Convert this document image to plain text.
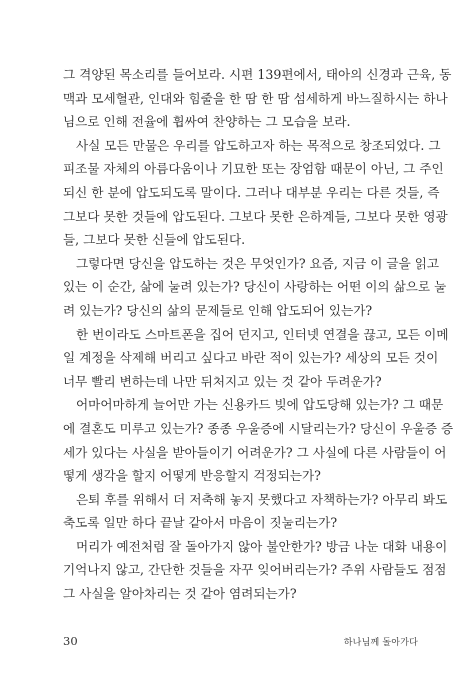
그 격양된 목소리를 들어보라. 시편 139편에서, 태아의 신경과 근육, 동
맥과 모세혈관, 인대와 힘줄을 한 땀 한 땀 섬세하게 바느질하시는 하나
님으로 인해 전율에 휩싸여 찬양하는 그 모습을 보라.
사실 모든 만물은 우리를 압도하고자 하는 목적으로 창조되었다. 그
피조물 자체의 아름다움이나 기묘한 또는 장엄함 때문이 아닌, 그 주인
되신 한 분에 압도되도록 말이다. 그러나 대부분 우리는 다른 것들, 즉
그보다 못한 것들에 압도된다. 그보다 못한 은하계들, 그보다 못한 영광
들, 그보다 못한 신들에 압도된다.
그렇다면 당신을 압도하는 것은 무엇인가? 요즘, 지금 이 글을 읽고
있는 이 순간, 삶에 눌려 있는가? 당신이 사랑하는 어떤 이의 삶으로 눌
려 있는가? 당신의 삶의 문제들로 인해 압도되어 있는가?
한 번이라도 스마트폰을 집어 던지고, 인터넷 연결을 끊고, 모든 이메
일 계정을 삭제해 버리고 싶다고 바란 적이 있는가? 세상의 모든 것이
너무 빨리 변하는데 나만 뒤처지고 있는 것 같아 두려운가?
어마어마하게 늘어만 가는 신용카드 빚에 압도당해 있는가? 그 때문
에 결혼도 미루고 있는가? 종종 우울증에 시달리는가? 당신이 우울증 증
세가 있다는 사실을 받아들이기 어려운가? 그 사실에 다른 사람들이 어
떻게 생각을 할지 어떻게 반응할지 걱정되는가?
은퇴 후를 위해서 더 저축해 놓지 못했다고 자책하는가? 아무리 봐도
축도록 일만 하다 끝날 같아서 마음이 짓눌리는가?
머리가 예전처럼 잘 돌아가지 않아 불안한가? 방금 나눈 대화 내용이
기억나지 않고, 간단한 것들을 자꾸 잊어버리는가? 주위 사람들도 점점
그 사실을 알아차리는 것 같아 염려되는가?
30	하나님께 돌아가다
